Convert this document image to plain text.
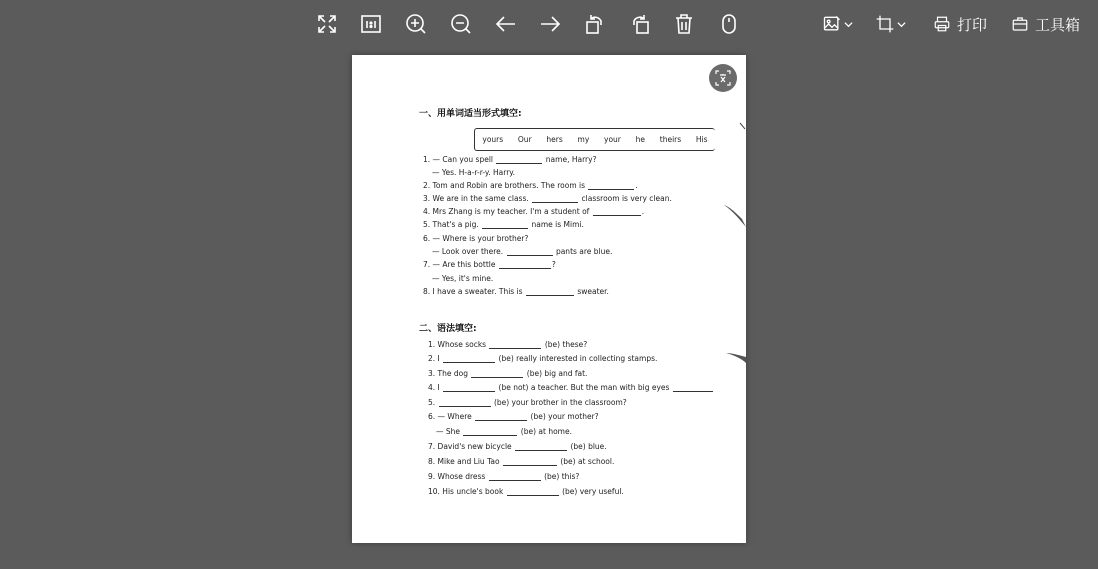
打印	工具箱
一、用单词适当形式填空:
yours Our hers my your he theirs His
1. — Can you spell	name, Harry?
— Yes. H-a-r-r-y. Harry.
2. Tom and Robin are brothers. The room is	.
3. We are in the same class.	classroom is very clean.
4. Mrs Zhang is my teacher. I'm a student of	.
5. That's a pig.	name is Mimi.
6. — Where is your brother?
— Look over there.	pants are blue.
7. — Are this bottle	?
— Yes, it's mine.
8. I have a sweater. This is	sweater.
二、语法填空:
1. Whose socks	(be) these?
2. I	(be) really interested in collecting stamps.
3. The dog	(be) big and fat.
4. I	(be not) a teacher. But the man with big eyes
5.	(be) your brother in the classroom?
6. — Where	(be) your mother?
— She	(be) at home.
7. David's new bicycle	(be) blue.
8. Mike and Liu Tao	(be) at school.
9. Whose dress	(be) this?
10. His uncle's book	(be) very useful.
